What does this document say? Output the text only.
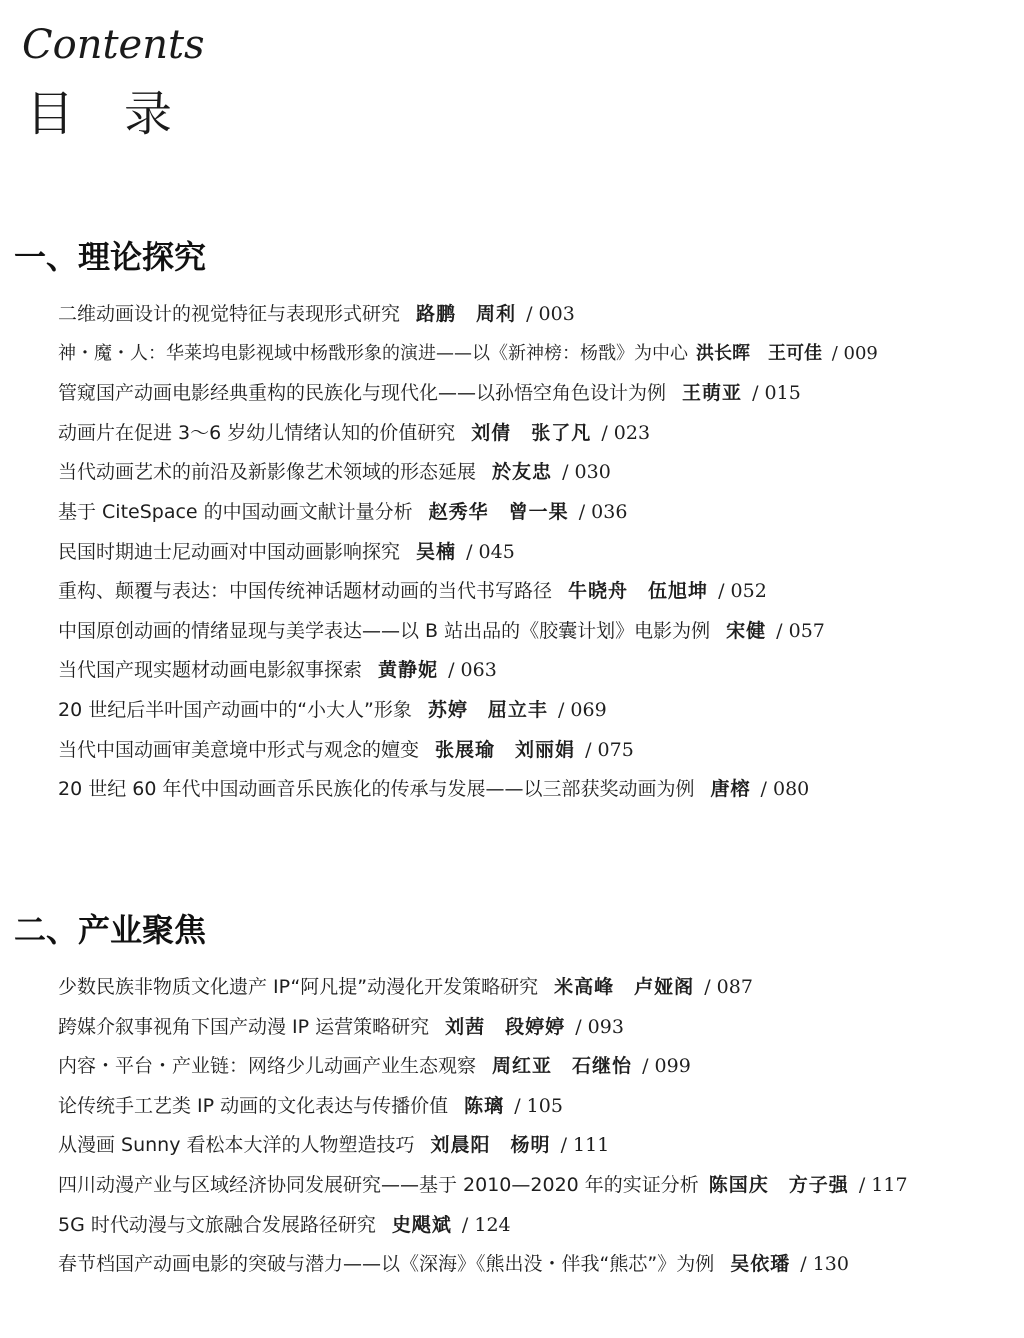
Contents
目录
一、理论探究
二维动画设计的视觉特征与表现形式研究 路鹏　周利 / 003
神・魔・人：华莱坞电影视域中杨戬形象的演进——以《新神榜：杨戬》为中心 洪长晖　王可佳 / 009
管窥国产动画电影经典重构的民族化与现代化——以孙悟空角色设计为例 王萌亚 / 015
动画片在促进 3～6 岁幼儿情绪认知的价值研究 刘倩　张了凡 / 023
当代动画艺术的前沿及新影像艺术领域的形态延展 於友忠 / 030
基于 CiteSpace 的中国动画文献计量分析 赵秀华　曾一果 / 036
民国时期迪士尼动画对中国动画影响探究 吴楠 / 045
重构、颠覆与表达：中国传统神话题材动画的当代书写路径 牛晓舟　伍旭坤 / 052
中国原创动画的情绪显现与美学表达——以 B 站出品的《胶囊计划》电影为例 宋健 / 057
当代国产现实题材动画电影叙事探索 黄静妮 / 063
20 世纪后半叶国产动画中的“小大人”形象 苏婷　屈立丰 / 069
当代中国动画审美意境中形式与观念的嬗变 张展瑜　刘丽娟 / 075
20 世纪 60 年代中国动画音乐民族化的传承与发展——以三部获奖动画为例 唐榕 / 080
二、产业聚焦
少数民族非物质文化遗产 IP“阿凡提”动漫化开发策略研究 米高峰　卢娅阁 / 087
跨媒介叙事视角下国产动漫 IP 运营策略研究 刘茜　段婷婷 / 093
内容・平台・产业链：网络少儿动画产业生态观察 周红亚　石继怡 / 099
论传统手工艺类 IP 动画的文化表达与传播价值 陈璃 / 105
从漫画 Sunny 看松本大洋的人物塑造技巧 刘晨阳　杨明 / 111
四川动漫产业与区域经济协同发展研究——基于 2010—2020 年的实证分析 陈国庆　方子强 / 117
5G 时代动漫与文旅融合发展路径研究 史飓斌 / 124
春节档国产动画电影的突破与潜力——以《深海》《熊出没・伴我“熊芯”》为例 吴依璠 / 130
